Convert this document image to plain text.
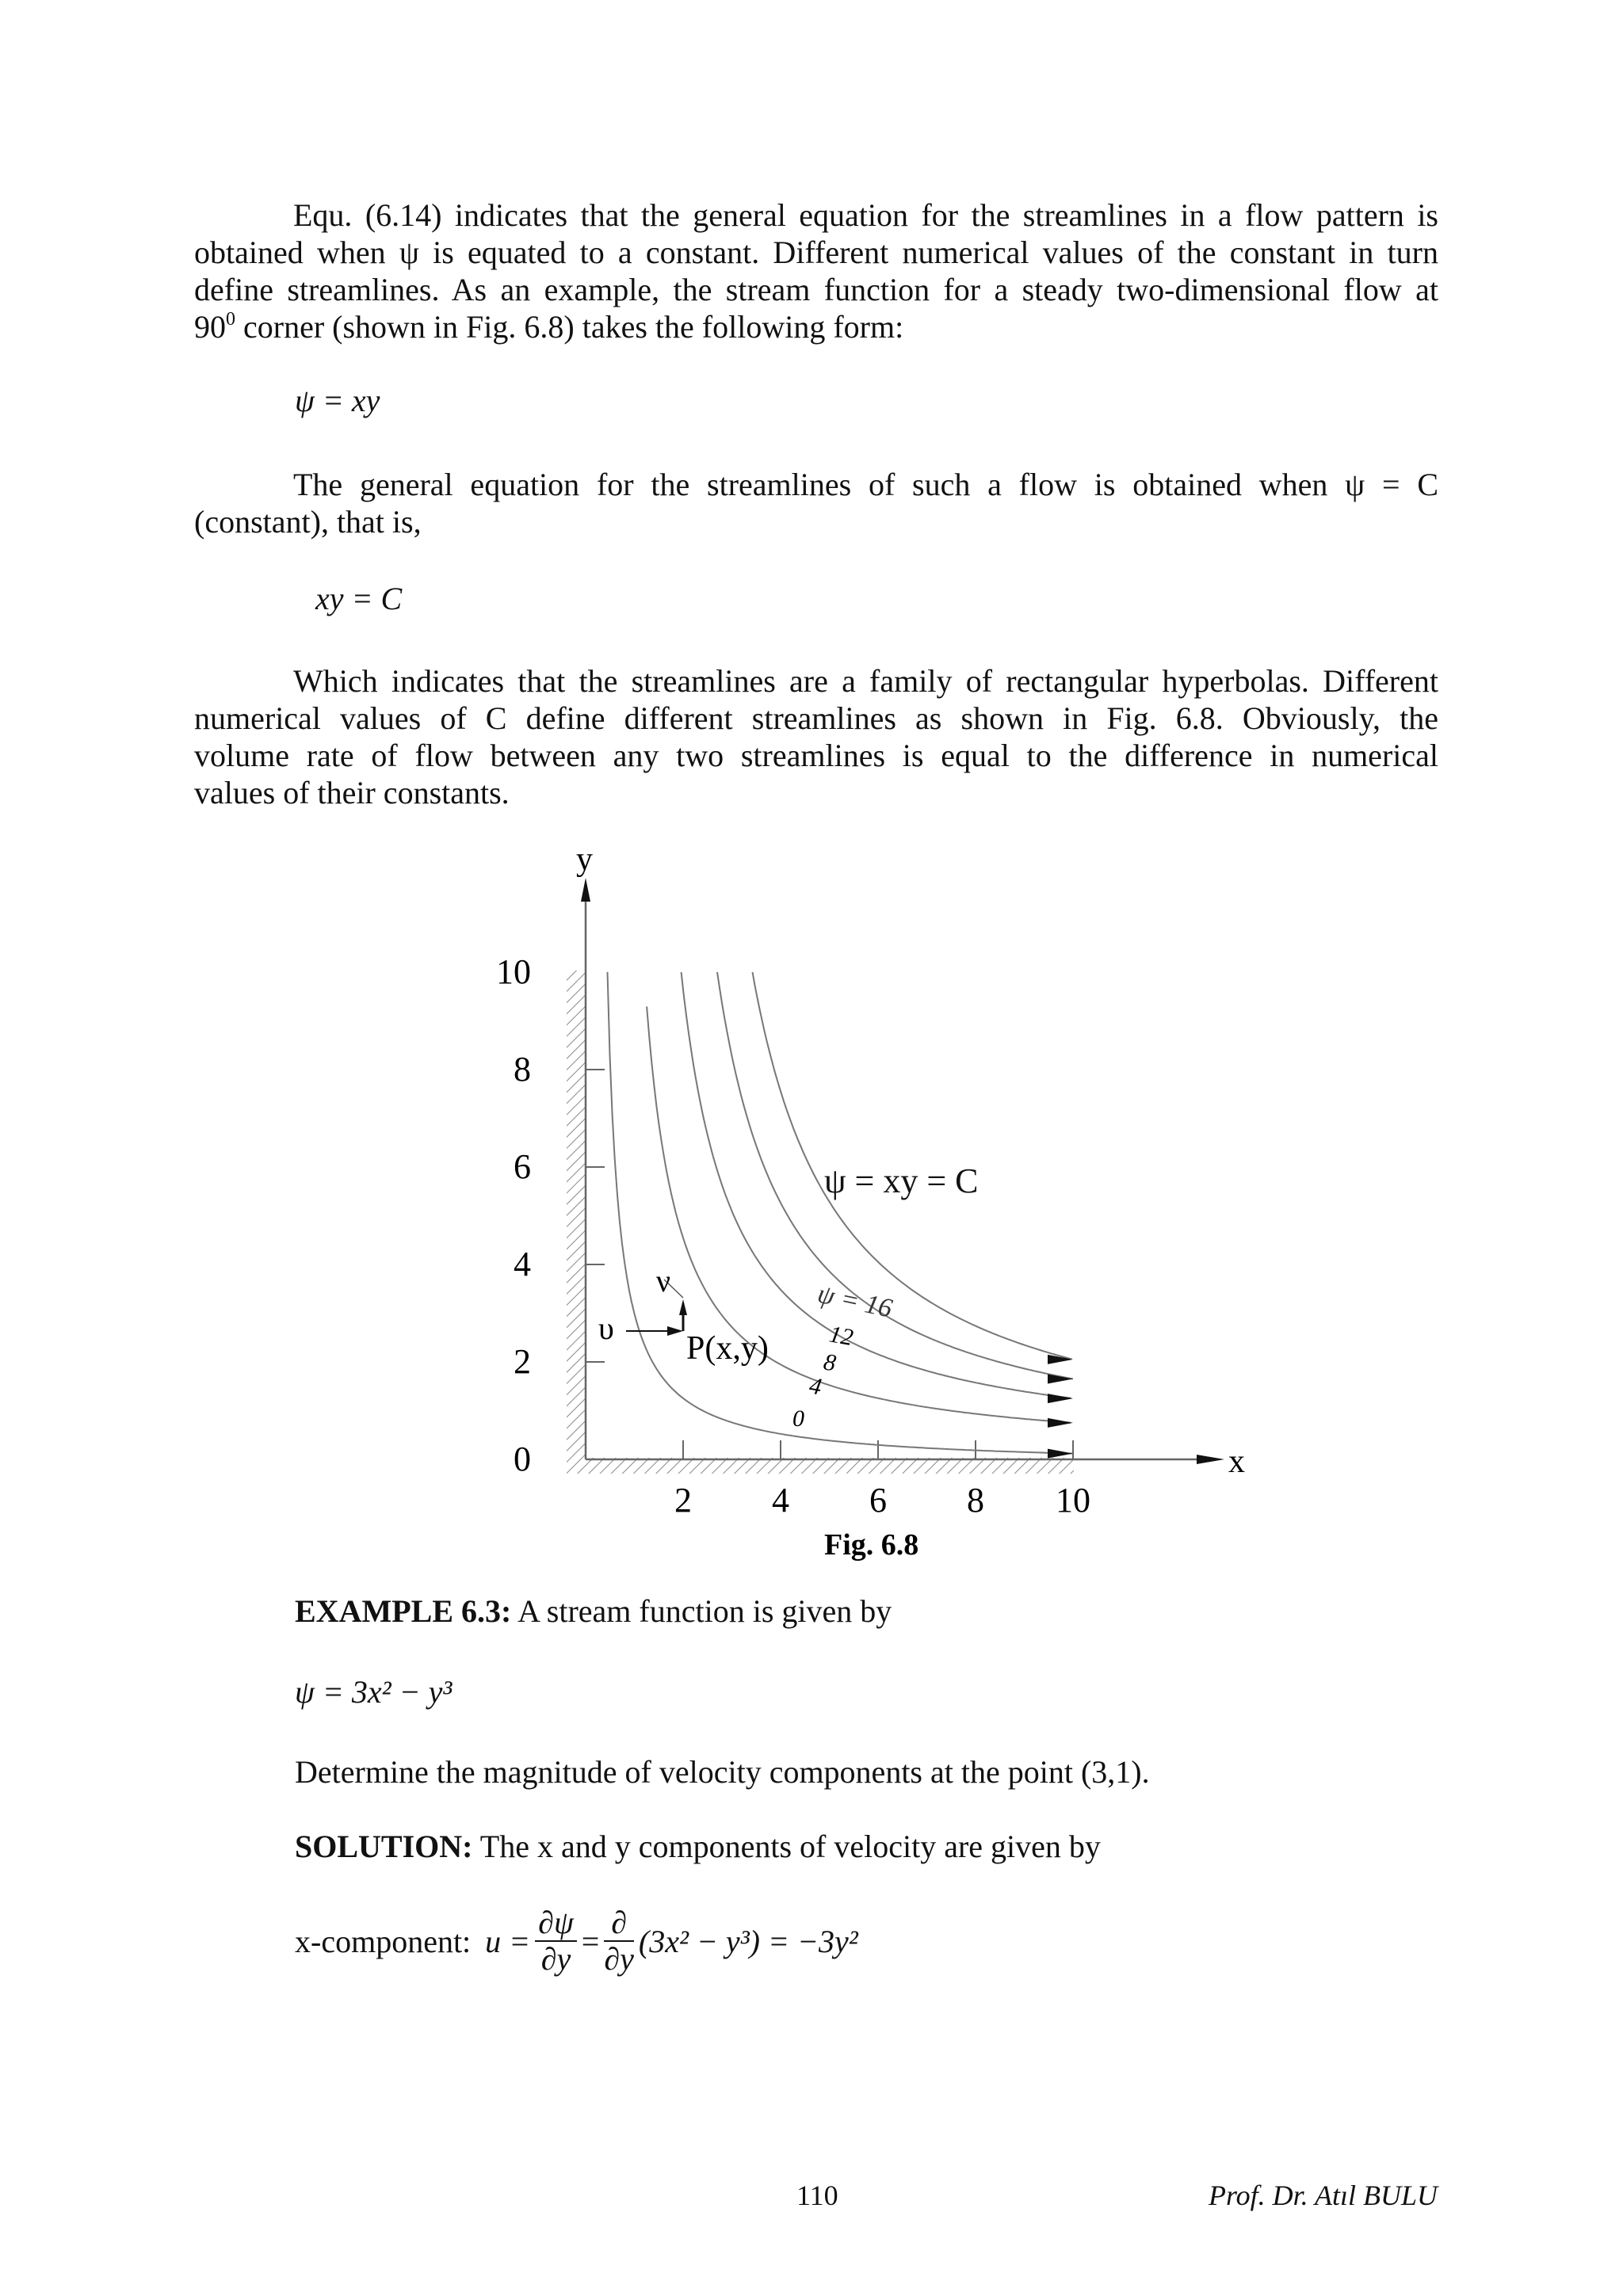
Equ. (6.14) indicates that the general equation for the streamlines in a flow pattern is
obtained when ψ is equated to a constant. Different numerical values of the constant in turn
define streamlines. As an example, the stream function for a steady two-dimensional flow at
$90^0$ corner (shown in Fig. 6.8) takes the following form:
ψ = xy
The general equation for the streamlines of such a flow is obtained when ψ = C
(constant), that is,
xy = C
Which indicates that the streamlines are a family of rectangular hyperbolas. Different
numerical values of C define different streamlines as shown in Fig. 6.8. Obviously, the
volume rate of flow between any two streamlines is equal to the difference in numerical
values of their constants.
0
2
4
6
8
10
2 4 6 8 10
y
x
ψ = xy = C
ψ = 16
12
8
4
0
P(x,y)
υ
ν
Fig. 6.8
EXAMPLE 6.3: A stream function is given by
ψ = 3x² − y³
Determine the magnitude of velocity components at the point (3,1).
SOLUTION: The x and y components of velocity are given by
x-component: $u = \frac{\partial\psi}{\partial y} = \frac{\partial}{\partial y} (3x^2 - y^3) = -3y^2$
110	Prof. Dr. Atıl BULU
